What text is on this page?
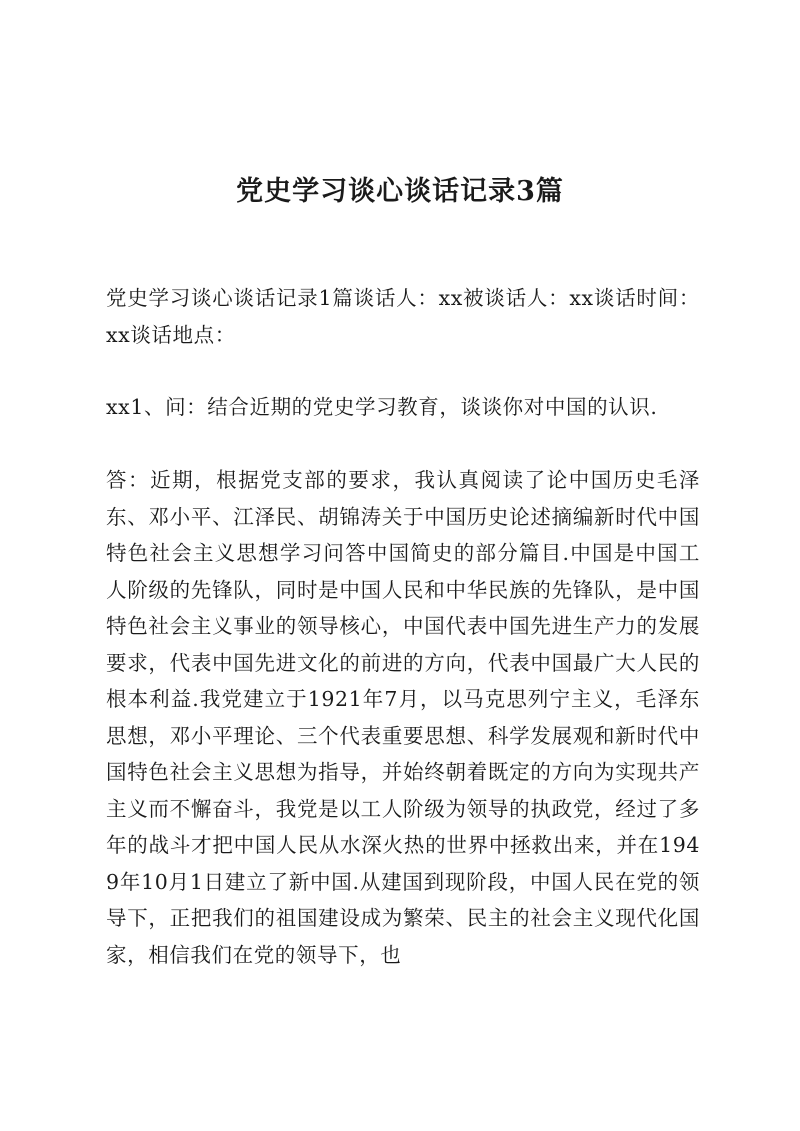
党史学习谈心谈话记录3篇

党史学习谈心谈话记录1篇谈话人：xx被谈话人：xx谈话时间：xx谈话地点：

xx1、问：结合近期的党史学习教育，谈谈你对中国的认识.

答：近期，根据党支部的要求，我认真阅读了论中国历史毛泽东、邓小平、江泽民、胡锦涛关于中国历史论述摘编新时代中国特色社会主义思想学习问答中国简史的部分篇目.中国是中国工人阶级的先锋队，同时是中国人民和中华民族的先锋队，是中国特色社会主义事业的领导核心，中国代表中国先进生产力的发展要求，代表中国先进文化的前进的方向，代表中国最广大人民的根本利益.我党建立于1921年7月，以马克思列宁主义，毛泽东思想，邓小平理论、三个代表重要思想、科学发展观和新时代中国特色社会主义思想为指导，并始终朝着既定的方向为实现共产主义而不懈奋斗，我党是以工人阶级为领导的执政党，经过了多年的战斗才把中国人民从水深火热的世界中拯救出来，并在1949年10月1日建立了新中国.从建国到现阶段，中国人民在党的领导下，正把我们的祖国建设成为繁荣、民主的社会主义现代化国家，相信我们在党的领导下，也
